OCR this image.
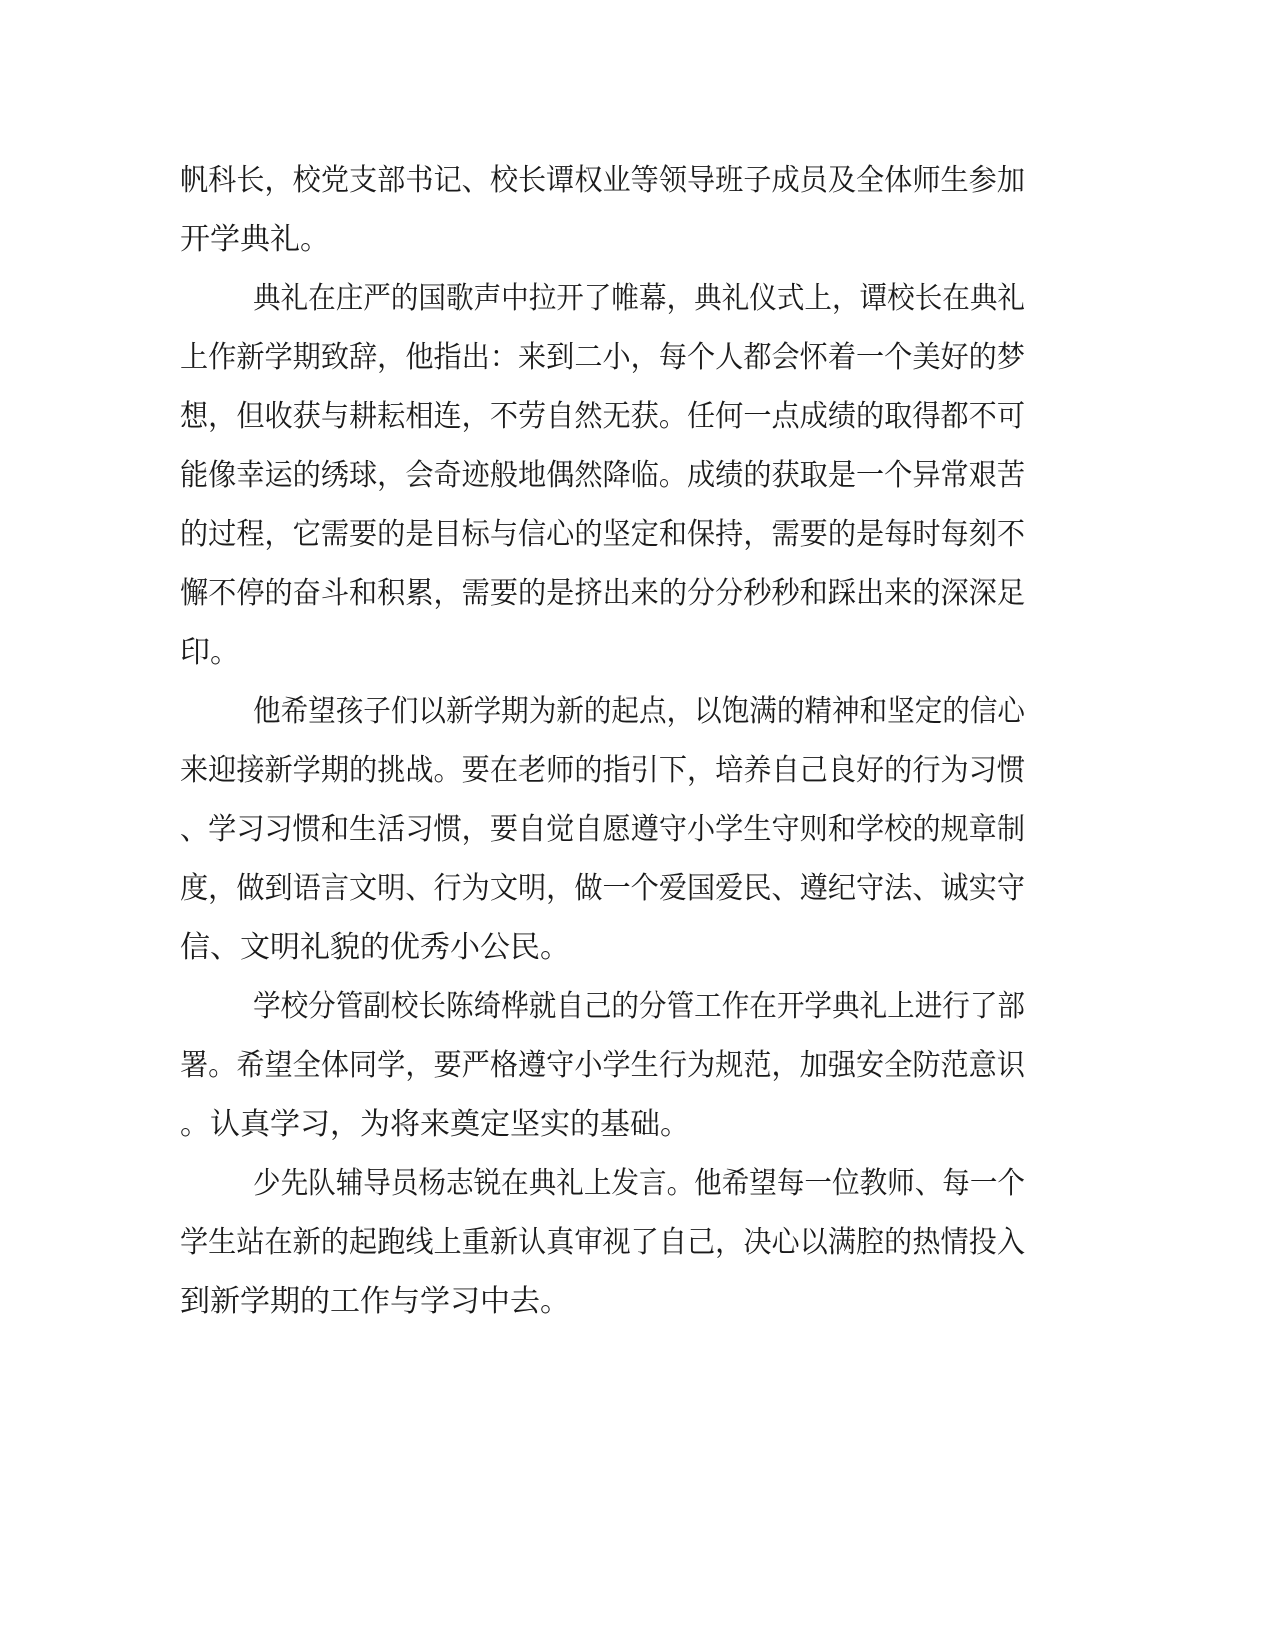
帆科长，校党支部书记、校长谭权业等领导班子成员及全体师生参加

开学典礼。

典礼在庄严的国歌声中拉开了帷幕，典礼仪式上，谭校长在典礼

上作新学期致辞，他指出：来到二小，每个人都会怀着一个美好的梦

想，但收获与耕耘相连，不劳自然无获。任何一点成绩的取得都不可

能像幸运的绣球，会奇迹般地偶然降临。成绩的获取是一个异常艰苦

的过程，它需要的是目标与信心的坚定和保持，需要的是每时每刻不

懈不停的奋斗和积累，需要的是挤出来的分分秒秒和踩出来的深深足

印。

他希望孩子们以新学期为新的起点，以饱满的精神和坚定的信心

来迎接新学期的挑战。要在老师的指引下，培养自己良好的行为习惯

、学习习惯和生活习惯，要自觉自愿遵守小学生守则和学校的规章制

度，做到语言文明、行为文明，做一个爱国爱民、遵纪守法、诚实守

信、文明礼貌的优秀小公民。

学校分管副校长陈绮桦就自己的分管工作在开学典礼上进行了部

署。希望全体同学，要严格遵守小学生行为规范，加强安全防范意识

。认真学习，为将来奠定坚实的基础。

少先队辅导员杨志锐在典礼上发言。他希望每一位教师、每一个

学生站在新的起跑线上重新认真审视了自己，决心以满腔的热情投入

到新学期的工作与学习中去。
